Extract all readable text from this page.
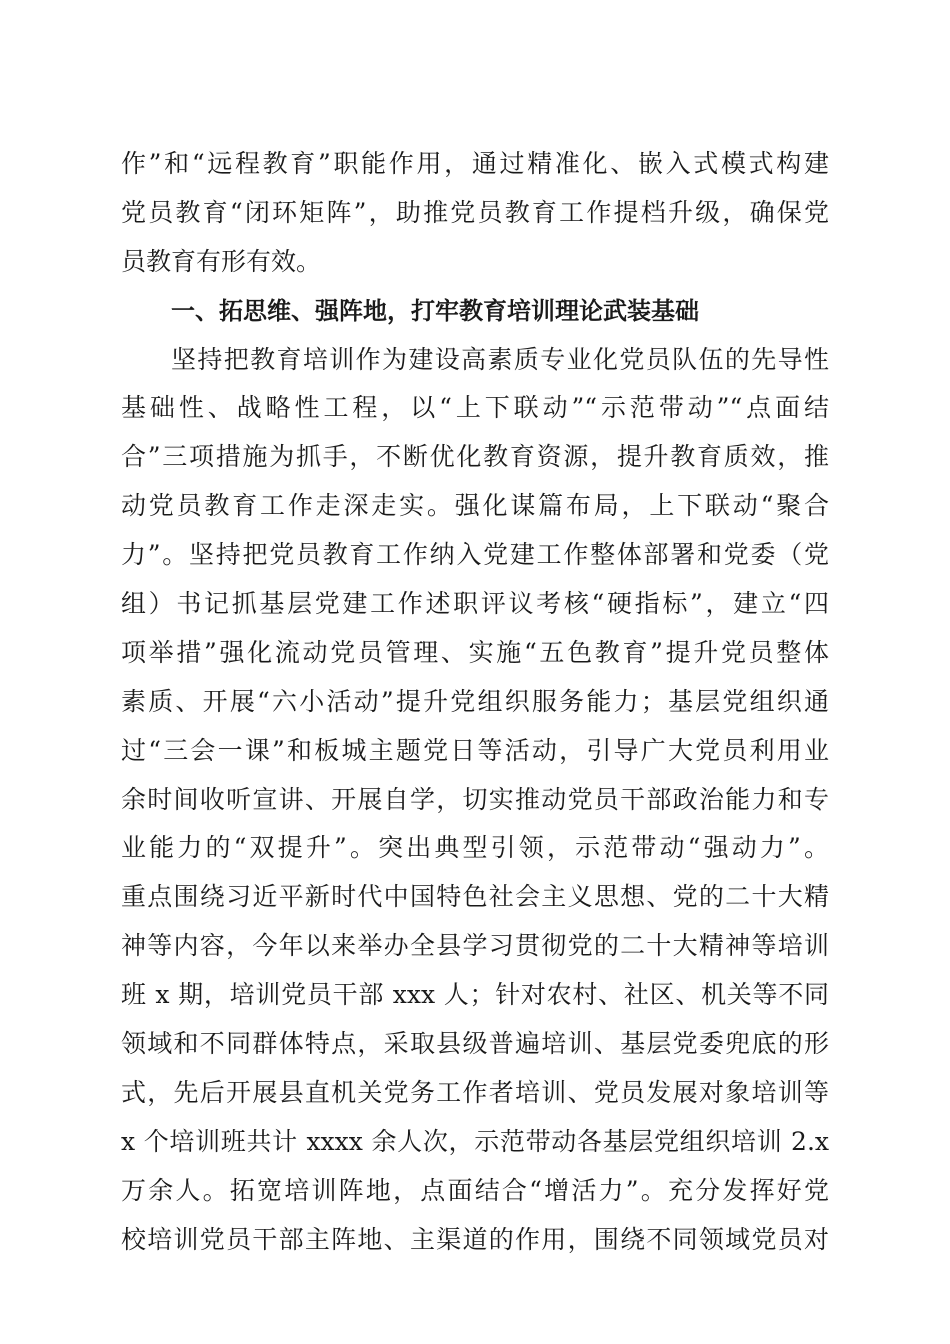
作”和“远程教育”职能作用，通过精准化、嵌入式模式构建
党员教育“闭环矩阵”，助推党员教育工作提档升级，确保党
员教育有形有效。
一、拓思维、强阵地，打牢教育培训理论武装基础
坚持把教育培训作为建设高素质专业化党员队伍的先导性
基础性、战略性工程，以“上下联动”“示范带动”“点面结
合”三项措施为抓手，不断优化教育资源，提升教育质效，推
动党员教育工作走深走实。强化谋篇布局，上下联动“聚合
力”。坚持把党员教育工作纳入党建工作整体部署和党委（党
组）书记抓基层党建工作述职评议考核“硬指标”，建立“四
项举措”强化流动党员管理、实施“五色教育”提升党员整体
素质、开展“六小活动”提升党组织服务能力；基层党组织通
过“三会一课”和板城主题党日等活动，引导广大党员利用业
余时间收听宣讲、开展自学，切实推动党员干部政治能力和专
业能力的“双提升”。突出典型引领，示范带动“强动力”。
重点围绕习近平新时代中国特色社会主义思想、党的二十大精
神等内容，今年以来举办全县学习贯彻党的二十大精神等培训
班 x 期，培训党员干部 xxx 人；针对农村、社区、机关等不同
领域和不同群体特点，采取县级普遍培训、基层党委兜底的形
式，先后开展县直机关党务工作者培训、党员发展对象培训等
x 个培训班共计 xxxx 余人次，示范带动各基层党组织培训 2.x
万余人。拓宽培训阵地，点面结合“增活力”。充分发挥好党
校培训党员干部主阵地、主渠道的作用，围绕不同领域党员对
